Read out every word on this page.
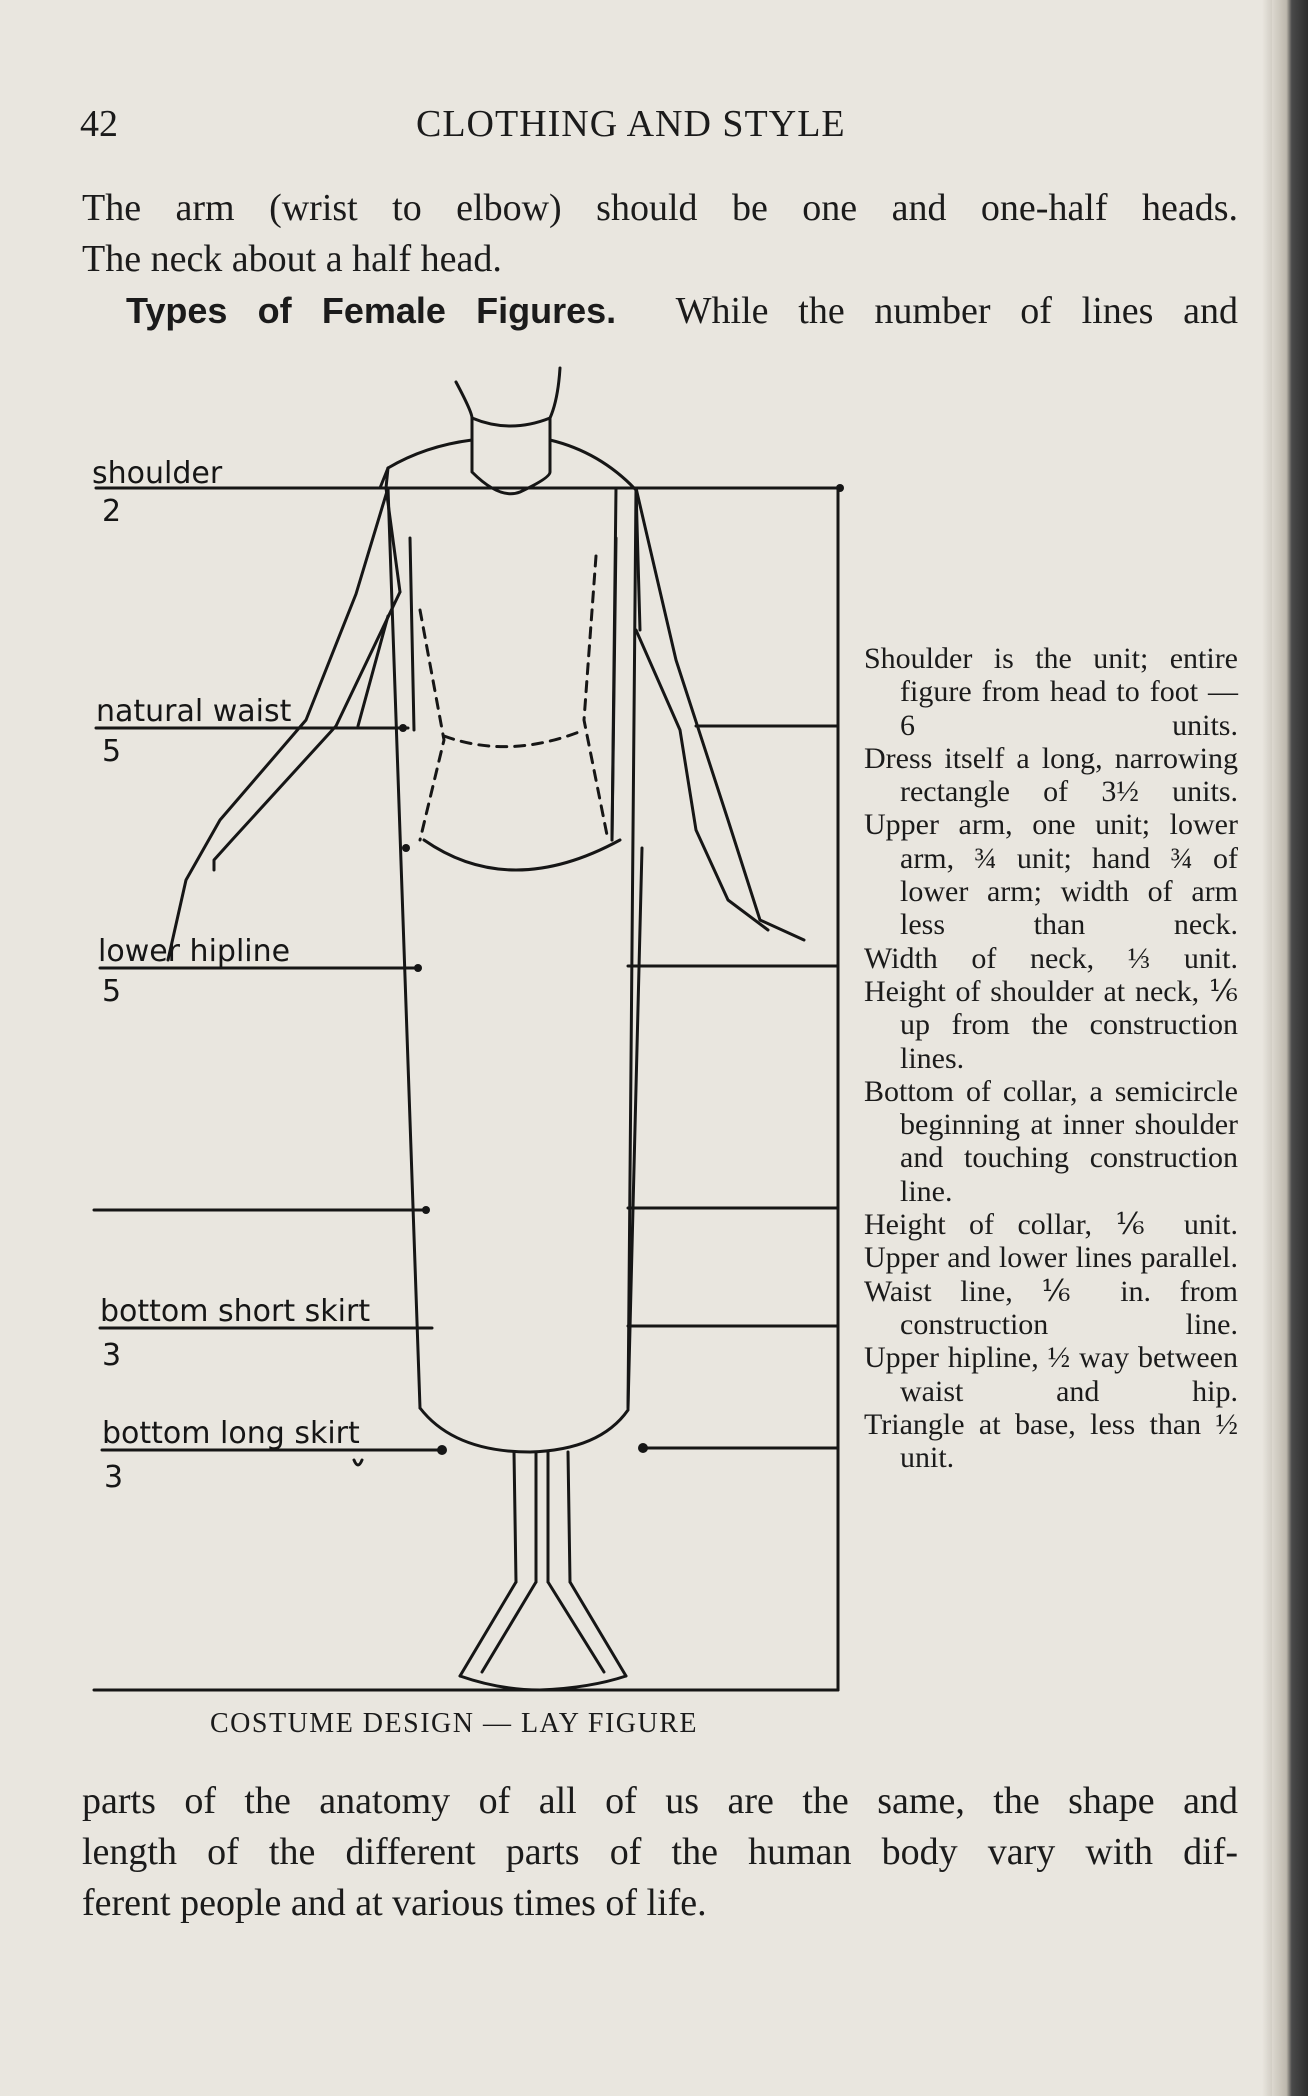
42	CLOTHING AND STYLE
The arm (wrist to elbow) should be one and one-half heads.
The neck about a half head.
Types of Female Figures. While the number of lines and
shoulder
2
natural waist
5
lower hipline
5
bottom short skirt
3
bottom long skirt
3
COSTUME DESIGN — LAY FIGURE
Shoulder is the unit; entire figure from head to foot — 6 units.
Dress itself a long, narrowing rectangle of 3½ units.
Upper arm, one unit; lower arm, ¾ unit; hand ¾ of lower arm; width of arm less than neck.
Width of neck, ⅓ unit.
Height of shoulder at neck, ⅙ up from the construction lines.
Bottom of collar, a semicircle beginning at inner shoulder and touching construction line.
Height of collar, ⅙ unit.
Upper and lower lines parallel.
Waist line, ⅙ in. from construction line.
Upper hipline, ½ way between waist and hip.
Triangle at base, less than ½ unit.
parts of the anatomy of all of us are the same, the shape and
length of the different parts of the human body vary with dif-
ferent people and at various times of life.
